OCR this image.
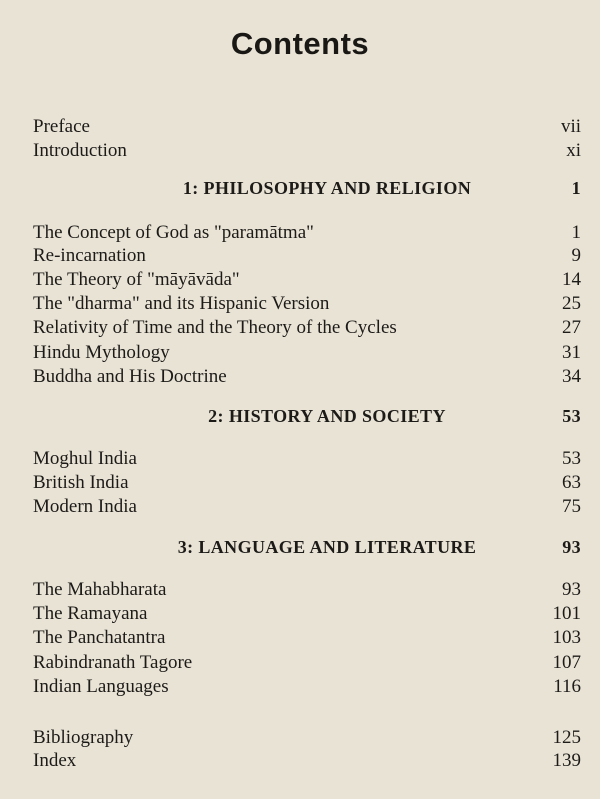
Contents
Preface	vii
Introduction	xi
1: PHILOSOPHY AND RELIGION	1
The Concept of God as "paramātma"	1
Re-incarnation	9
The Theory of "māyāvāda"	14
The "dharma" and its Hispanic Version	25
Relativity of Time and the Theory of the Cycles	27
Hindu Mythology	31
Buddha and His Doctrine	34
2: HISTORY AND SOCIETY	53
Moghul India	53
British India	63
Modern India	75
3: LANGUAGE AND LITERATURE	93
The Mahabharata	93
The Ramayana	101
The Panchatantra	103
Rabindranath Tagore	107
Indian Languages	116
Bibliography	125
Index	139
